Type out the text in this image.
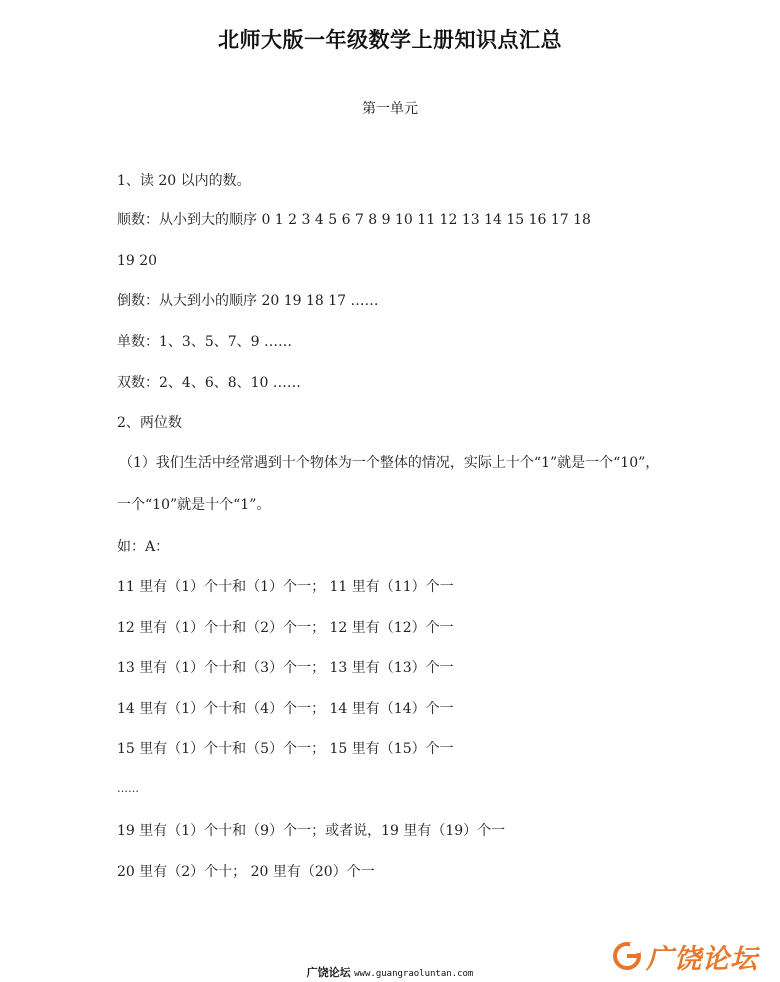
北师大版一年级数学上册知识点汇总
第一单元
1、读 20 以内的数。
顺数：从小到大的顺序 0 1 2 3 4 5 6 7 8 9 10 11 12 13 14 15 16 17 18
19 20
倒数：从大到小的顺序 20 19 18 17 ……
单数：1、3、5、7、9 ……
双数：2、4、6、8、10 ……
2、两位数
（1）我们生活中经常遇到十个物体为一个整体的情况，实际上十个“1”就是一个“10”，
一个“10”就是十个“1”。
如：A：
11 里有（1）个十和（1）个一； 11 里有（11）个一
12 里有（1）个十和（2）个一； 12 里有（12）个一
13 里有（1）个十和（3）个一； 13 里有（13）个一
14 里有（1）个十和（4）个一； 14 里有（14）个一
15 里有（1）个十和（5）个一； 15 里有（15）个一
……
19 里有（1）个十和（9）个一；或者说，19 里有（19）个一
20 里有（2）个十； 20 里有（20）个一
广饶论坛 www.guangraoluntan.com	广饶论坛
